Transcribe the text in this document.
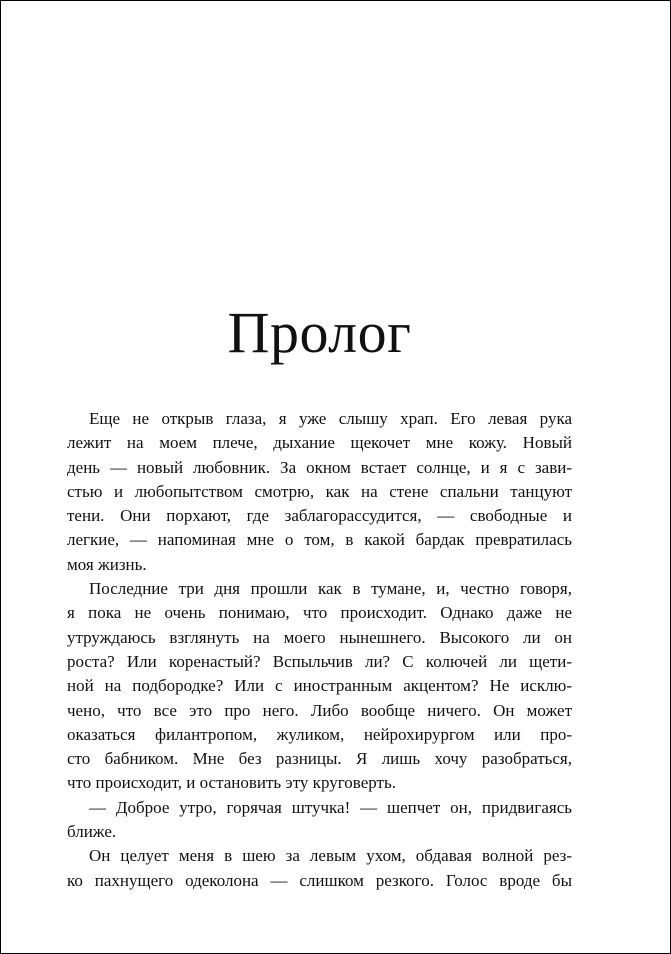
Пролог
Еще не открыв глаза, я уже слышу храп. Его левая рука
лежит на моем плече, дыхание щекочет мне кожу. Новый
день — новый любовник. За окном встает солнце, и я с зави-
стью и любопытством смотрю, как на стене спальни танцуют
тени. Они порхают, где заблагорассудится, — свободные и
легкие, — напоминая мне о том, в какой бардак превратилась
моя жизнь.
Последние три дня прошли как в тумане, и, честно говоря,
я пока не очень понимаю, что происходит. Однако даже не
утруждаюсь взглянуть на моего нынешнего. Высокого ли он
роста? Или коренастый? Вспыльчив ли? С колючей ли щети-
ной на подбородке? Или с иностранным акцентом? Не исклю-
чено, что все это про него. Либо вообще ничего. Он может
оказаться филантропом, жуликом, нейрохирургом или про-
сто бабником. Мне без разницы. Я лишь хочу разобраться,
что происходит, и остановить эту круговерть.
— Доброе утро, горячая штучка! — шепчет он, придвигаясь
ближе.
Он целует меня в шею за левым ухом, обдавая волной рез-
ко пахнущего одеколона — слишком резкого. Голос вроде бы
